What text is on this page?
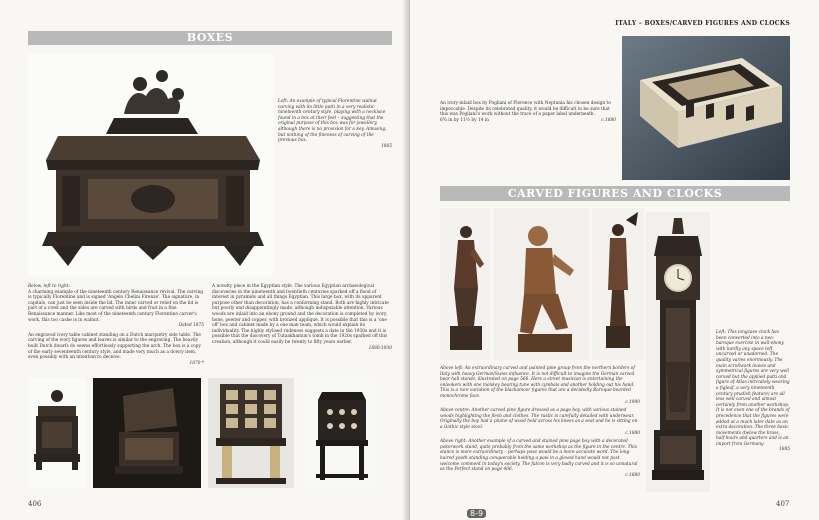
BOXES

Left: An example of typical Florentine walnut carving with its little putti in a very realistic nineteenth century style, playing with a necklace found in a box at their feet – suggesting that the original purpose of this box was for jewellery, although there is no provision for a key. Amusing, but nothing of the fineness of carving of the previous box.

1865

Below, left to right:

A charming example of the nineteenth century Renaissance revival. The carving is typically Florentine and is signed 'Angelo Chelini Firenze'. The signature, in capitals, can just be seen inside the lid. The inner carved or relief on the lid is part of a crest and the sides are carved with birds and fruit in a fine Renaissance manner. Like most of the nineteenth century Florentine carver's work, this too cashe is in walnut.

Dated 1875

An engraved ivory table cabinet standing on a Dutch marquetry side table. The carving of the ivory figures and leaves is similar to the engraving. The heavily built Dutch dwarfs do seems effortlessly supporting the arch. The box is a copy of the early seventeenth century style, and made very much as a dowry item, even possibly with an intention to deceive.

1870 *

A novelty piece in the Egyptian style. The various Egyptian archaeological discoveries in the nineteenth and twentieth centuries sparked off a flood of interest in pyramids and all things Egyptian. This large box, with its apparent purpose other than decoration, has a conforming stand. Both are highly intricate but poorly and disappointingly made, although indisputable attention. Various woods are inlaid into an ebony ground and the decoration is completed by ivory, bone, pewter and copper, with bronzed appliqué. It is possible that this is a 'one off' box and cabinet made by a one man team, which would explain its individuality. The highly stylised rudeness suggests a date in the 1930s and it is possible that the discovery of Tutankhamun's tomb in the 1920s sparked off this creation, although it could easily be twenty to fifty years earlier.

1880-1930

406
ITALY – BOXES/CARVED FIGURES AND CLOCKS

An ivory-inlaid box by Pogliani of Florence with Neptunia his chosen design to impeccable. Despite its celebrated quality, it would be difficult to be sure that this was Pogliani's work without the trace of a paper label underneath.

6¾ in by 11½ by 14 in	c.1880

CARVED FIGURES AND CLOCKS

Above left: An extraordinary carved and painted pine group from the northern borders of Italy with heavy German/Swiss influence. It is not difficult to imagine the German carved bear hall stands, illustrated on page 566. Here a street musician is entertaining the onlookers with one monkey bearing tune with cymbals and another holding out his hand. This is a rare variation of the blackamoor figures that are a decidedly Baroque-bearded monochrome face.

c.1900

Above centre: Another carved pine figure dressed as a page boy, with various stained woods highlighting the flesh and clothes. The rustic is carefully detailed with underwear. Originally the boy had a plume of wood held across his knees as a seat and he is sitting on a Gothic style stool.

c.1880

Above right: Another example of a carved and stained pine page boy with a decorated pokerwork stand, quite probably from the same workshop as the figure in the centre. This stance is more extraordinary – perhaps pose would be a more accurate word. The long-haired youth standing conquerable holding a paw in a gloved hand would not post welcome comment in today's society. The falcon is very badly carved and it is so unnatural as the Perfect stand on page 406.

c.1880

Left: This longcase clock has been converted into a neo-baroque exercise in wall-ebony with hardly any space left uncarved or unadorned. The quality varies enormously. The main scrollwork leaves and symmetrical figures are very well carved but the applied putti and figure of Atlas intricately wearing a figleaf, a very nineteenth century prudish feature) are all less well carved and almost certainly from another workshop. It is not even one of the brands of precedence that the figures were added at a much later date as an extra decoration. The three basic movements (below the brass, half-hours and quarters and is an import from Germany.

1885

8-9
407
